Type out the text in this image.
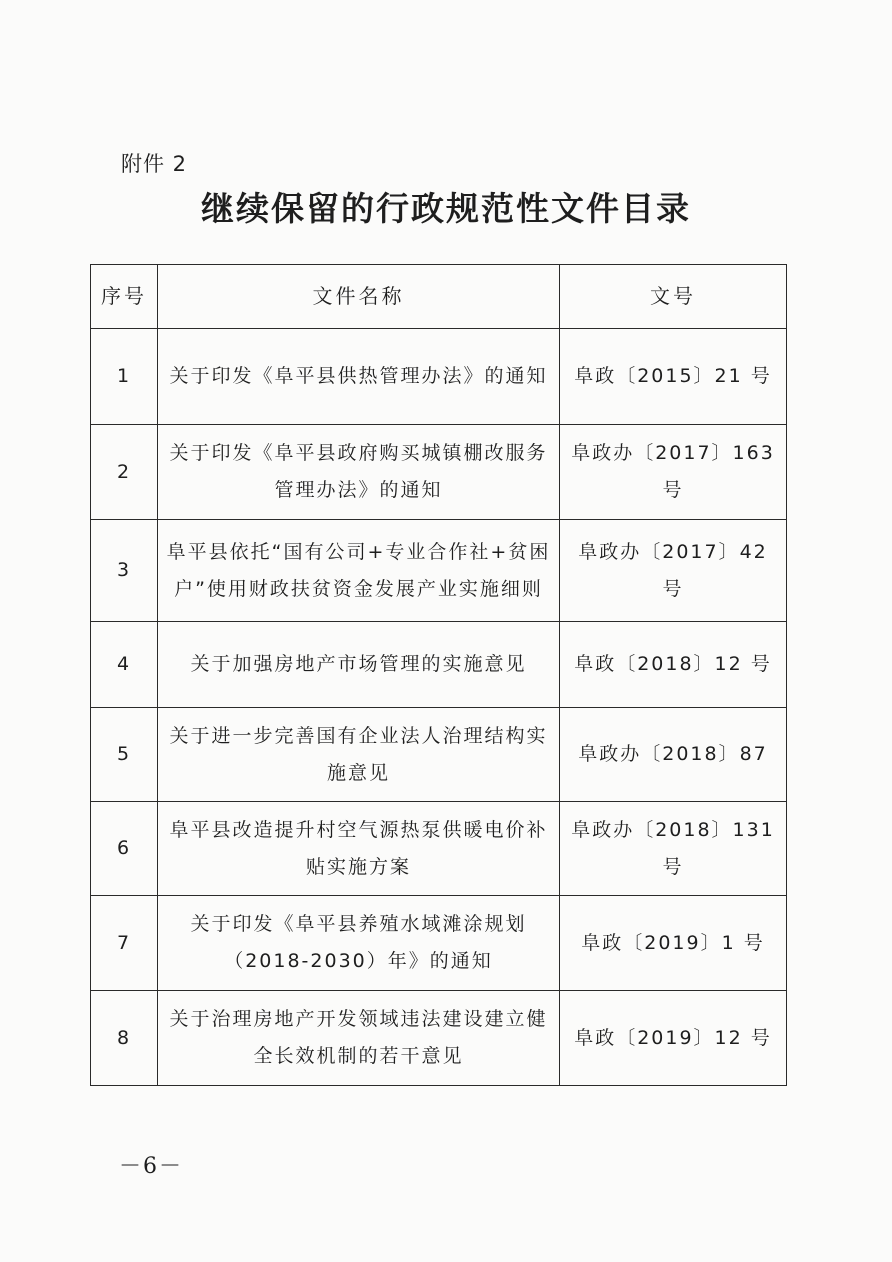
附件 2
继续保留的行政规范性文件目录
序号	文件名称	文号
1	关于印发《阜平县供热管理办法》的通知	阜政〔2015〕21 号
2	关于印发《阜平县政府购买城镇棚改服务管理办法》的通知	阜政办〔2017〕163 号
3	阜平县依托“国有公司+专业合作社+贫困户”使用财政扶贫资金发展产业实施细则	阜政办〔2017〕42 号
4	关于加强房地产市场管理的实施意见	阜政〔2018〕12 号
5	关于进一步完善国有企业法人治理结构实施意见	阜政办〔2018〕87
6	阜平县改造提升村空气源热泵供暖电价补贴实施方案	阜政办〔2018〕131 号
7	关于印发《阜平县养殖水域滩涂规划（2018-2030）年》的通知	阜政〔2019〕1 号
8	关于治理房地产开发领域违法建设建立健全长效机制的若干意见	阜政〔2019〕12 号
－6－
